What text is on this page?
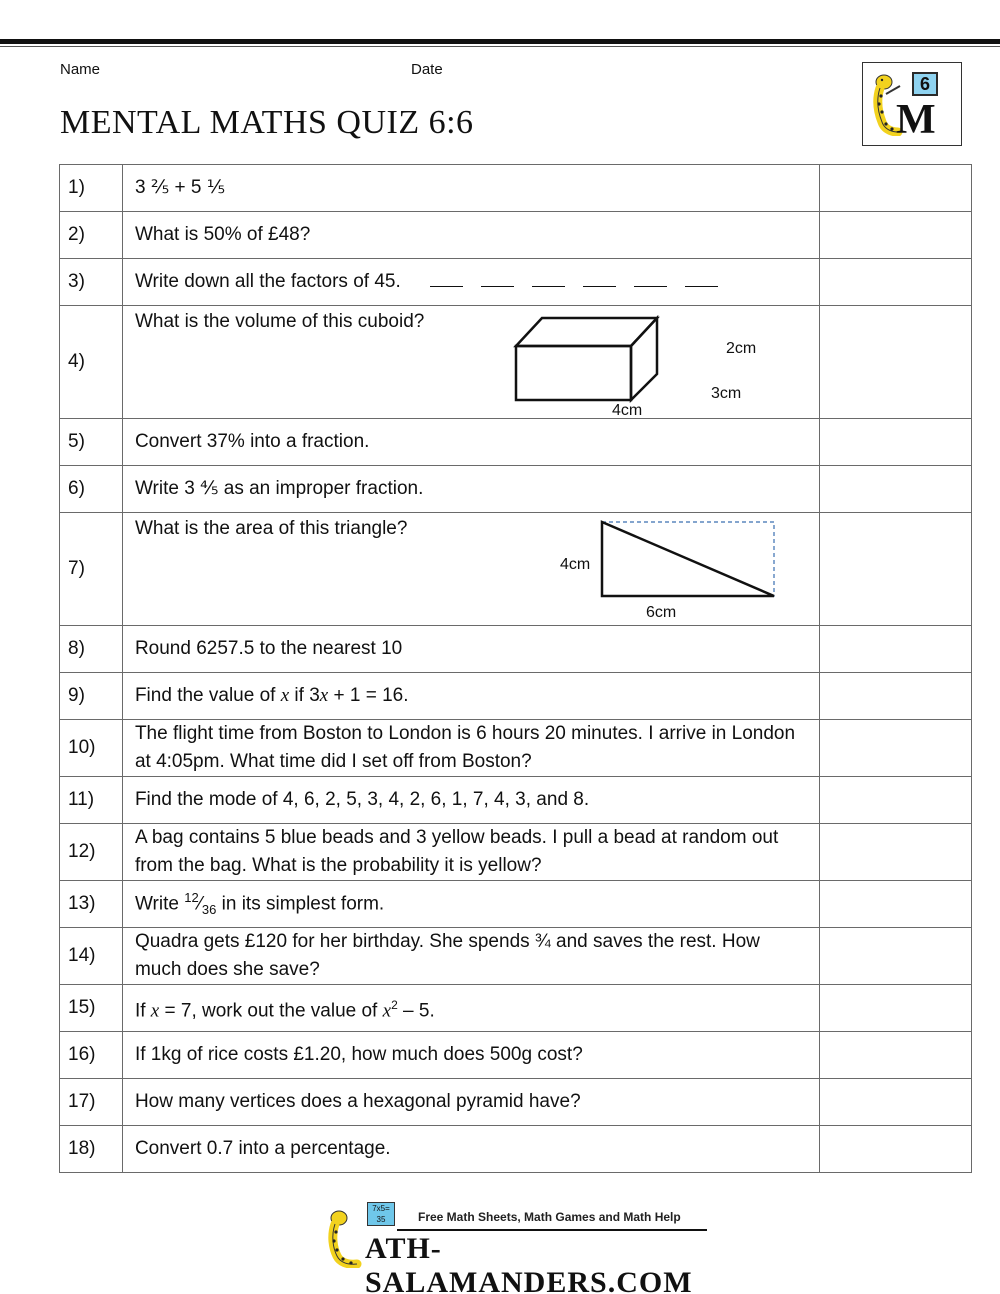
Name	Date
MENTAL MATHS QUIZ 6:6
6
M
1)	3 ⅖ + 5 ⅕	
2)	What is 50% of £48?	
3)	Write down all the factors of 45.	
4)	What is the volume of this cuboid?
2cm
3cm
4cm	

5)	Convert 37% into a fraction.	
6)	Write 3 ⅘ as an improper fraction.	
7)	What is the area of this triangle?
4cm
6cm	

8)	Round 6257.5 to the nearest 10	
9)	Find the value of x if 3x + 1 = 16.	
10)	The flight time from Boston to London is 6 hours 20 minutes. I arrive in London at 4:05pm. What time did I set off from Boston?	
11)	Find the mode of 4, 6, 2, 5, 3, 4, 2, 6, 1, 7, 4, 3, and 8.	
12)	A bag contains 5 blue beads and 3 yellow beads. I pull a bead at random out from the bag. What is the probability it is yellow?	
13)	Write $^{12}⁄_{36}$ in its simplest form.	
14)	Quadra gets £120 for her birthday. She spends ¾ and saves the rest. How much does she save?	
15)	If x = 7, work out the value of $x^2 - 5$.	
16)	If 1kg of rice costs £1.20, how much does 500g cost?	
17)	How many vertices does a hexagonal pyramid have?	
18)	Convert 0.7 into a percentage.	
7x5= 35	Free Math Sheets, Math Games and Math Help
ATH-SALAMANDERS.COM
